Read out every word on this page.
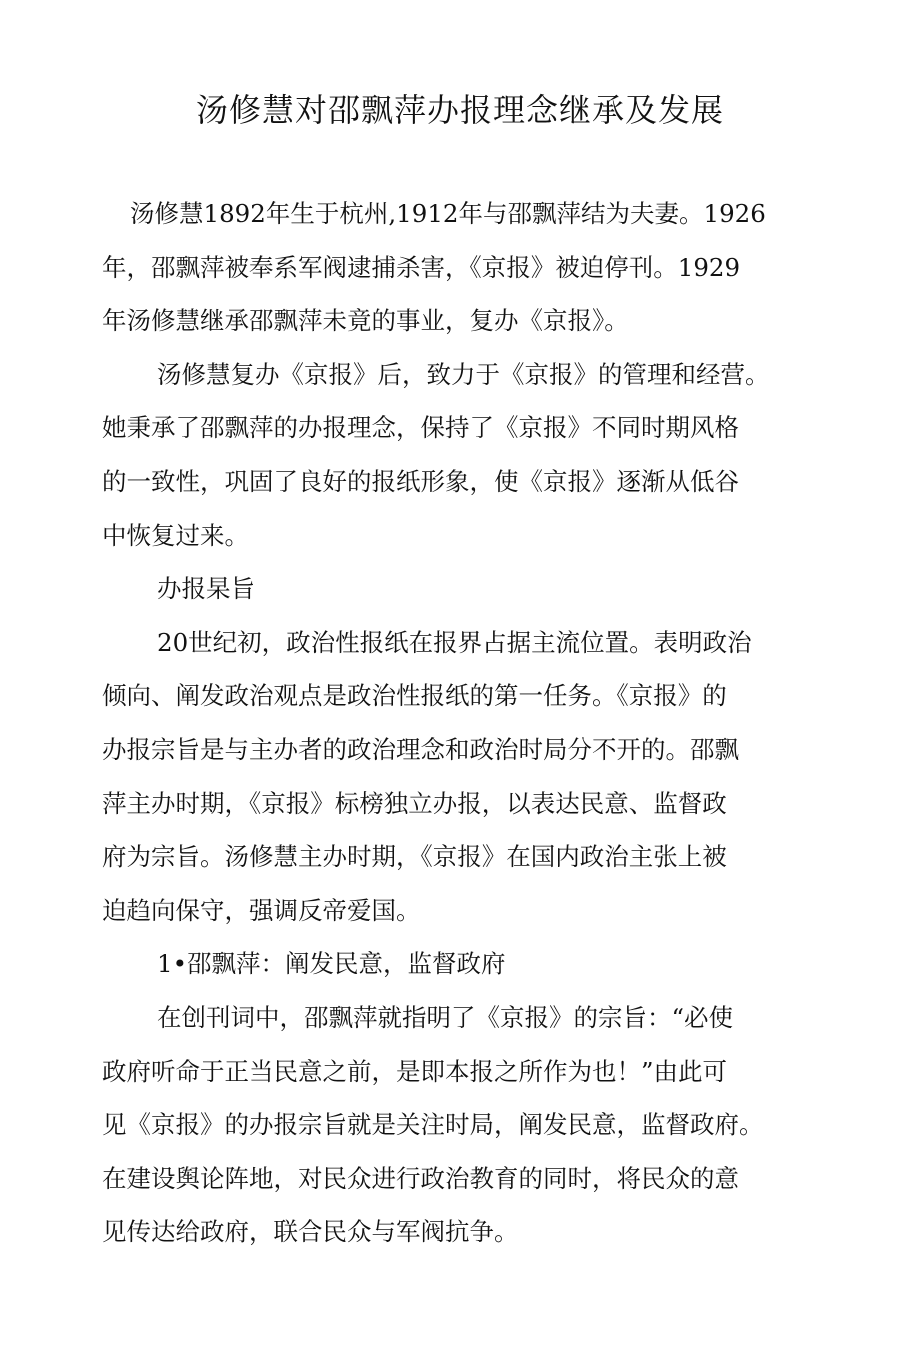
汤修慧对邵飘萍办报理念继承及发展
汤修慧1892年生于杭州,1912年与邵飘萍结为夫妻。1926
年，邵飘萍被奉系军阀逮捕杀害，《京报》被迫停刊。1929
年汤修慧继承邵飘萍未竟的事业，复办《京报》。
汤修慧复办《京报》后，致力于《京报》的管理和经营。
她秉承了邵飘萍的办报理念，保持了《京报》不同时期风格
的一致性，巩固了良好的报纸形象，使《京报》逐渐从低谷
中恢复过来。
办报杲旨
20世纪初，政治性报纸在报界占据主流位置。表明政治
倾向、阐发政治观点是政治性报纸的第一任务。《京报》的
办报宗旨是与主办者的政治理念和政治时局分不开的。邵飘
萍主办时期，《京报》标榜独立办报，以表达民意、监督政
府为宗旨。汤修慧主办时期，《京报》在国内政治主张上被
迫趋向保守，强调反帝爱国。
1•邵飘萍：阐发民意，监督政府
在创刊词中，邵飘萍就指明了《京报》的宗旨：“必使
政府听命于正当民意之前，是即本报之所作为也！”由此可
见《京报》的办报宗旨就是关注时局，阐发民意，监督政府。
在建设舆论阵地，对民众进行政治教育的同时，将民众的意
见传达给政府，联合民众与军阀抗争。
